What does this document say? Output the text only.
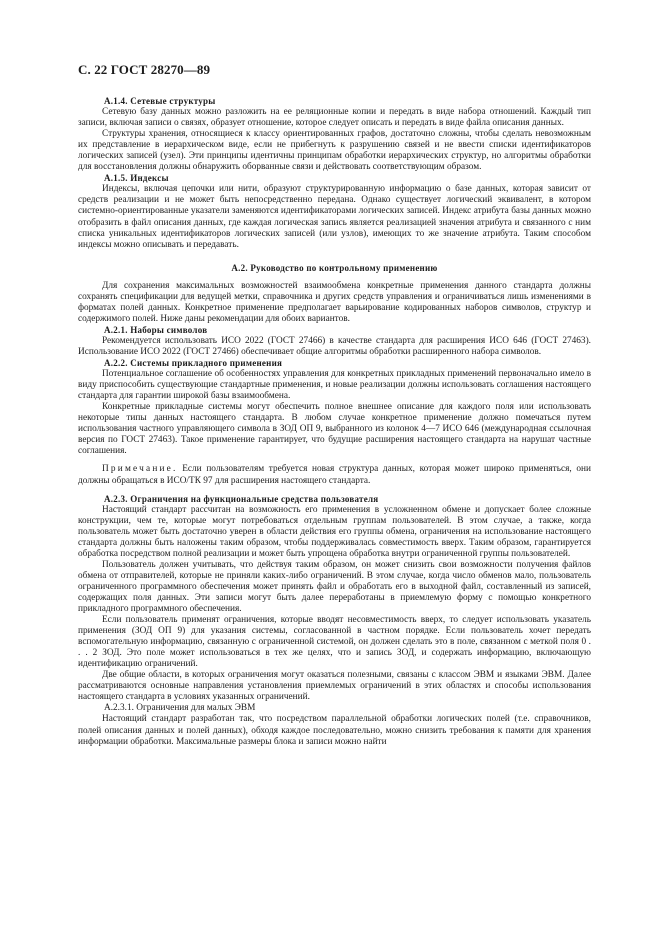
С. 22 ГОСТ 28270—89

А.1.4. Сетевые структуры

Сетевую базу данных можно разложить на ее реляционные копии и передать в виде набора отношений. Каждый тип записи, включая записи о связях, образует отношение, которое следует описать и передать в виде файла описания данных.

Структуры хранения, относящиеся к классу ориентированных графов, достаточно сложны, чтобы сделать невозможным их представление в иерархическом виде, если не прибегнуть к разрушению связей и не ввести списки идентификаторов логических записей (узел). Эти принципы идентичны принципам обработки иерархических структур, но алгоритмы обработки для восстановления должны обнаружить оборванные связи и действовать соответствующим образом.

А.1.5. Индексы

Индексы, включая цепочки или нити, образуют структурированную информацию о базе данных, которая зависит от средств реализации и не может быть непосредственно передана. Однако существует логический эквивалент, в котором системно-ориентированные указатели заменяются идентификаторами логических записей. Индекс атрибута базы данных можно отобразить в файл описания данных, где каждая логическая запись является реализацией значения атрибута и связанного с ним списка уникальных идентификаторов логических записей (или узлов), имеющих то же значение атрибута. Таким способом индексы можно описывать и передавать.

А.2. Руководство по контрольному применению

Для сохранения максимальных возможностей взаимообмена конкретные применения данного стандарта должны сохранять спецификации для ведущей метки, справочника и других средств управления и ограничиваться лишь изменениями в форматах полей данных. Конкретное применение предполагает варьирование кодированных наборов символов, структур и содержимого полей. Ниже даны рекомендации для обоих вариантов.

А.2.1. Наборы символов

Рекомендуется использовать ИСО 2022 (ГОСТ 27466) в качестве стандарта для расширения ИСО 646 (ГОСТ 27463). Использование ИСО 2022 (ГОСТ 27466) обеспечивает общие алгоритмы обработки расширенного набора символов.

А.2.2. Системы прикладного применения

Потенциальное соглашение об особенностях управления для конкретных прикладных применений первоначально имело в виду приспособить существующие стандартные применения, и новые реализации должны использовать соглашения настоящего стандарта для гарантии широкой базы взаимообмена.

Конкретные прикладные системы могут обеспечить полное внешнее описание для каждого поля или использовать некоторые типы данных настоящего стандарта. В любом случае конкретное применение должно помечаться путем использования частного управляющего символа в ЗОД ОП 9, выбранного из колонок 4—7 ИСО 646 (международная ссылочная версия по ГОСТ 27463). Такое применение гарантирует, что будущие расширения настоящего стандарта на нарушат частные соглашения.

Примечание. Если пользователям требуется новая структура данных, которая может широко применяться, они должны обращаться в ИСО/ТК 97 для расширения настоящего стандарта.

А.2.3. Ограничения на функциональные средства пользователя

Настоящий стандарт рассчитан на возможность его применения в усложненном обмене и допускает более сложные конструкции, чем те, которые могут потребоваться отдельным группам пользователей. В этом случае, а также, когда пользователь может быть достаточно уверен в области действия его группы обмена, ограничения на использование настоящего стандарта должны быть наложены таким образом, чтобы поддерживалась совместимость вверх. Таким образом, гарантируется обработка посредством полной реализации и может быть упрощена обработка внутри ограниченной группы пользователей.

Пользователь должен учитывать, что действуя таким образом, он может снизить свои возможности получения файлов обмена от отправителей, которые не приняли каких-либо ограничений. В этом случае, когда число обменов мало, пользователь ограниченного программного обеспечения может принять файл и обработать его в выходной файл, составленный из записей, содержащих поля данных. Эти записи могут быть далее переработаны в приемлемую форму с помощью конкретного прикладного программного обеспечения.

Если пользователь применят ограничения, которые вводят несовместимость вверх, то следует использовать указатель применения (ЗОД ОП 9) для указания системы, согласованной в частном порядке. Если пользователь хочет передать вспомогательную информацию, связанную с ограниченной системой, он должен сделать это в поле, связанном с меткой поля 0 . . . 2 ЗОД. Это поле может использоваться в тех же целях, что и запись ЗОД, и содержать информацию, включающую идентификацию ограничений.

Две общие области, в которых ограничения могут оказаться полезными, связаны с классом ЭВМ и языками ЭВМ. Далее рассматриваются основные направления установления приемлемых ограничений в этих областях и способы использования настоящего стандарта в условиях указанных ограничений.

А.2.3.1. Ограничения для малых ЭВМ

Настоящий стандарт разработан так, что посредством параллельной обработки логических полей (т.е. справочников, полей описания данных и полей данных), обходя каждое последовательно, можно снизить требования к памяти для хранения информации обработки. Максимальные размеры блока и записи можно найти
